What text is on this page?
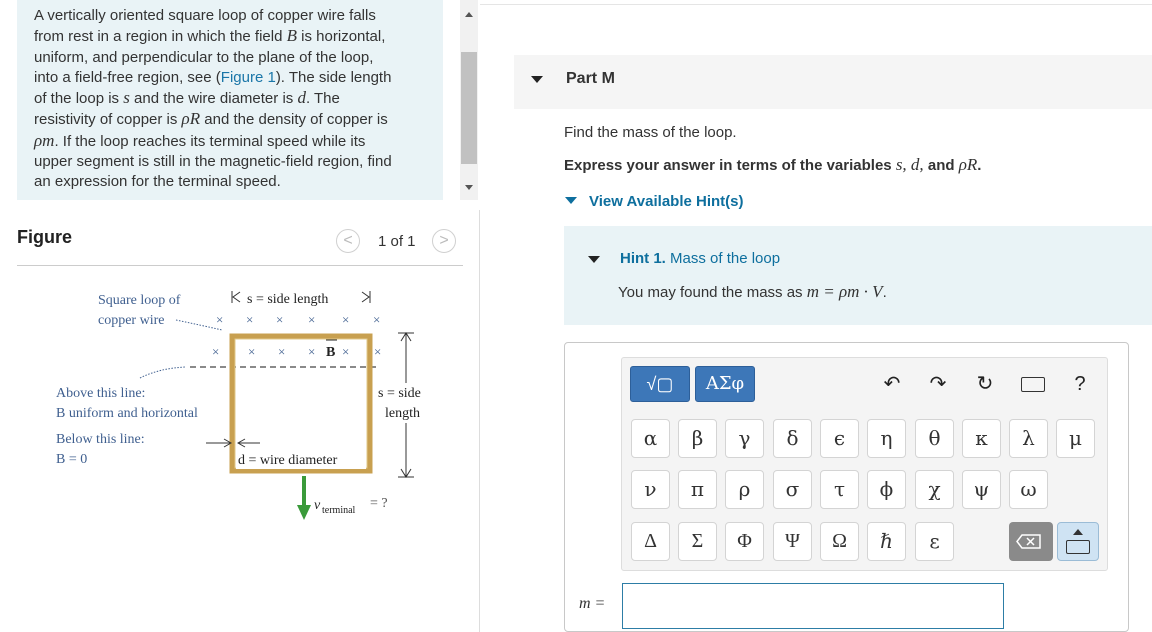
A vertically oriented square loop of copper wire falls
from rest in a region in which the field B is horizontal,
uniform, and perpendicular to the plane of the loop,
into a field-free region, see (Figure 1). The side length
of the loop is s and the wire diameter is d. The
resistivity of copper is ρR and the density of copper is
ρm. If the loop reaches its terminal speed while its
upper segment is still in the magnetic-field region, find
an expression for the terminal speed.
Figure	<	1 of 1	>
× × × × × ×
× × × × × ×
Square loop of
copper wire
s = side length
B
Above this line:
B uniform and horizontal
Below this line:
B = 0
s = side
length
d = wire diameter
v terminal = ?
Part M
Find the mass of the loop.
Express your answer in terms of the variables s, d, and ρR.
View Available Hint(s)
Hint 1. Mass of the loop
You may found the mass as m = ρm · V.
√▢	ΑΣφ	↶ ↷ ↻	?
α	β	γ	δ	ϵ	η	θ	κ	λ	μ
ν	π	ρ	σ	τ	ϕ	χ	ψ	ω
Δ	Σ	Φ	Ψ	Ω	ℏ	ε
m =
